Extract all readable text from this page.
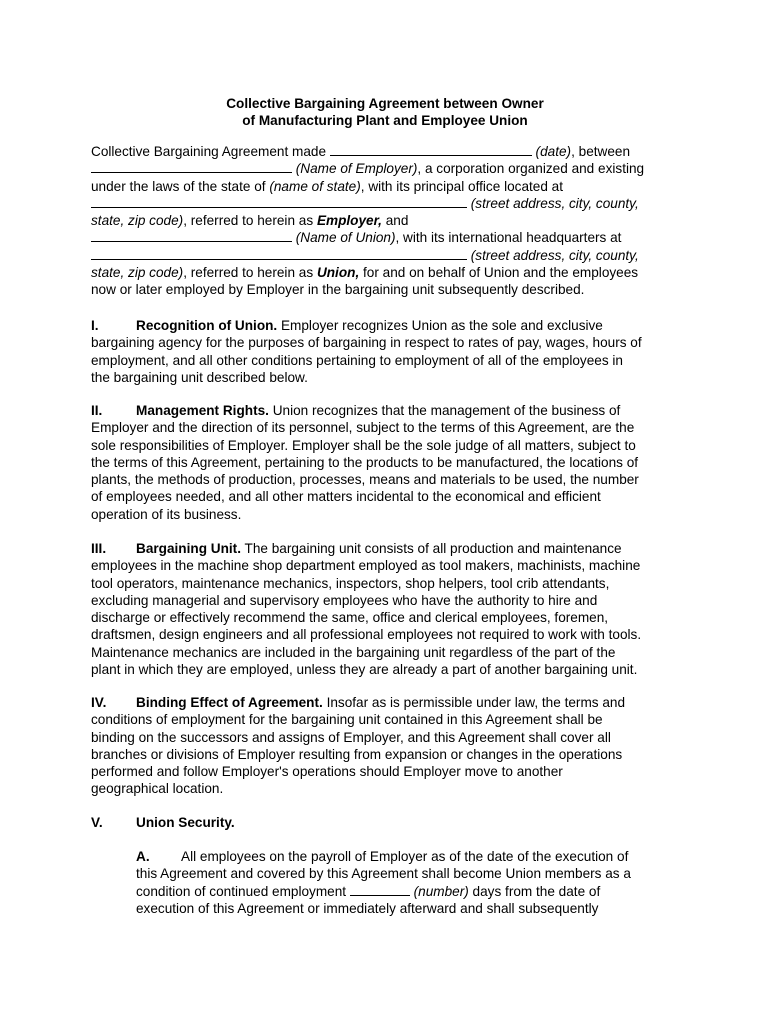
Collective Bargaining Agreement between Owner
of Manufacturing Plant and Employee Union
Collective Bargaining Agreement made	(date), between
(Name of Employer), a corporation organized and existing
under the laws of the state of (name of state), with its principal office located at
(street address, city, county,
state, zip code), referred to herein as Employer, and
(Name of Union), with its international headquarters at
(street address, city, county,
state, zip code), referred to herein as Union, for and on behalf of Union and the employees
now or later employed by Employer in the bargaining unit subsequently described.
I.	Recognition of Union. Employer recognizes Union as the sole and exclusive
bargaining agency for the purposes of bargaining in respect to rates of pay, wages, hours of
employment, and all other conditions pertaining to employment of all of the employees in
the bargaining unit described below.
II. Management Rights. Union recognizes that the management of the business of
Employer and the direction of its personnel, subject to the terms of this Agreement, are the
sole responsibilities of Employer. Employer shall be the sole judge of all matters, subject to
the terms of this Agreement, pertaining to the products to be manufactured, the locations of
plants, the methods of production, processes, means and materials to be used, the number
of employees needed, and all other matters incidental to the economical and efficient
operation of its business.
III. Bargaining Unit. The bargaining unit consists of all production and maintenance
employees in the machine shop department employed as tool makers, machinists, machine
tool operators, maintenance mechanics, inspectors, shop helpers, tool crib attendants,
excluding managerial and supervisory employees who have the authority to hire and
discharge or effectively recommend the same, office and clerical employees, foremen,
draftsmen, design engineers and all professional employees not required to work with tools.
Maintenance mechanics are included in the bargaining unit regardless of the part of the
plant in which they are employed, unless they are already a part of another bargaining unit.
IV. Binding Effect of Agreement. Insofar as is permissible under law, the terms and
conditions of employment for the bargaining unit contained in this Agreement shall be
binding on the successors and assigns of Employer, and this Agreement shall cover all
branches or divisions of Employer resulting from expansion or changes in the operations
performed and follow Employer's operations should Employer move to another
geographical location.
V. Union Security.
A. All employees on the payroll of Employer as of the date of the execution of
this Agreement and covered by this Agreement shall become Union members as a
condition of continued employment	(number) days from the date of
execution of this Agreement or immediately afterward and shall subsequently
